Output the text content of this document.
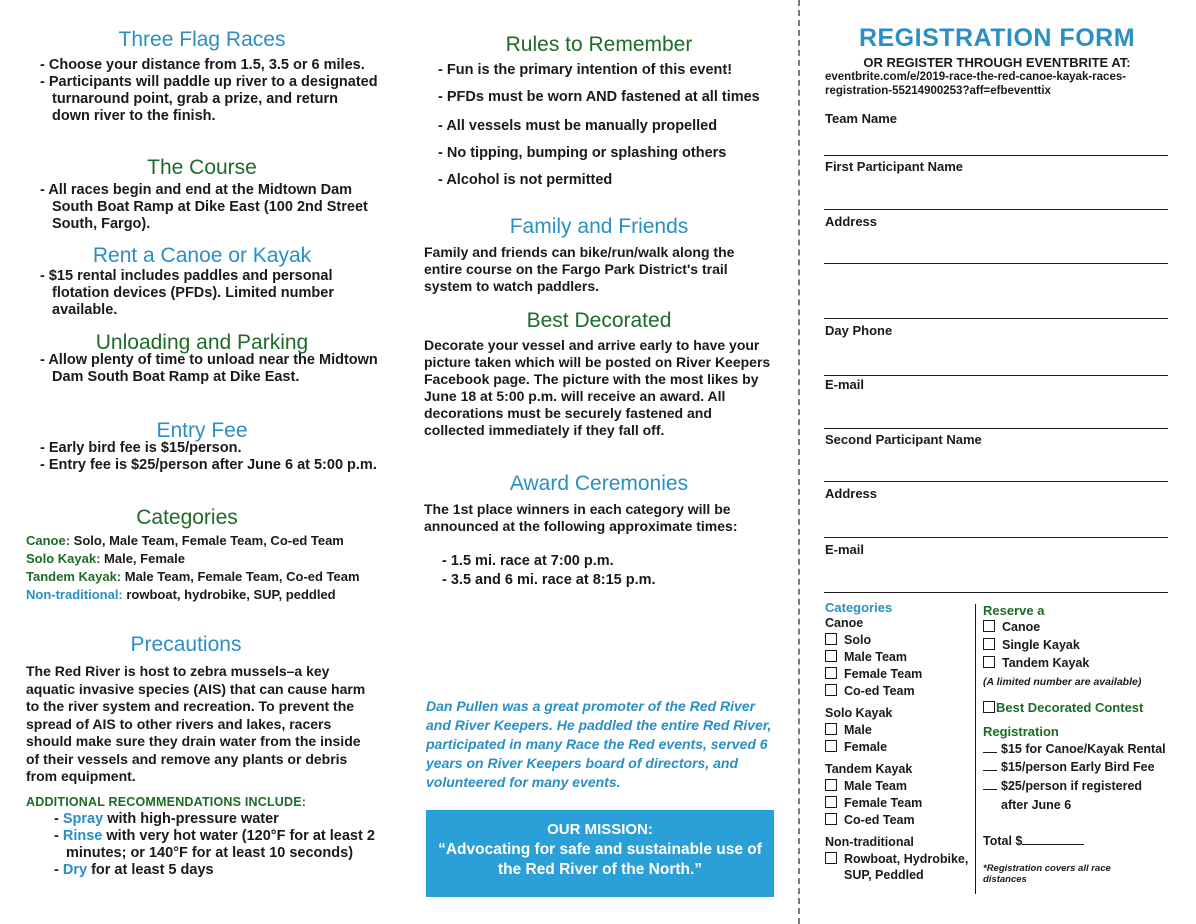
Three Flag Races
- Choose your distance from 1.5, 3.5 or 6 miles.
- Participants will paddle up river to a designated turnaround point, grab a prize, and return down river to the finish.
The Course
- All races begin and end at the Midtown Dam South Boat Ramp at Dike East (100 2nd Street South, Fargo).
Rent a Canoe or Kayak
- $15 rental includes paddles and personal flotation devices (PFDs). Limited number available.
Unloading and Parking
- Allow plenty of time to unload near the Midtown Dam South Boat Ramp at Dike East.
Entry Fee
- Early bird fee is $15/person.
- Entry fee is $25/person after June 6 at 5:00 p.m.
Categories
Canoe: Solo, Male Team, Female Team, Co-ed Team
Solo Kayak: Male, Female
Tandem Kayak: Male Team, Female Team, Co-ed Team
Non-traditional: rowboat, hydrobike, SUP, peddled
Precautions
The Red River is host to zebra mussels–a key aquatic invasive species (AIS) that can cause harm to the river system and recreation. To prevent the spread of AIS to other rivers and lakes, racers should make sure they drain water from the inside of their vessels and remove any plants or debris from equipment.
ADDITIONAL RECOMMENDATIONS INCLUDE:
- Spray with high-pressure water
- Rinse with very hot water (120°F for at least 2 minutes; or 140°F for at least 10 seconds)
- Dry for at least 5 days
Rules to Remember
- Fun is the primary intention of this event!
- PFDs must be worn AND fastened at all times
- All vessels must be manually propelled
- No tipping, bumping or splashing others
- Alcohol is not permitted
Family and Friends
Family and friends can bike/run/walk along the entire course on the Fargo Park District's trail system to watch paddlers.
Best Decorated
Decorate your vessel and arrive early to have your picture taken which will be posted on River Keepers Facebook page. The picture with the most likes by June 18 at 5:00 p.m. will receive an award. All decorations must be securely fastened and collected immediately if they fall off.
Award Ceremonies
The 1st place winners in each category will be announced at the following approximate times:
- 1.5 mi. race at 7:00 p.m.
- 3.5 and 6 mi. race at 8:15 p.m.
Dan Pullen was a great promoter of the Red River and River Keepers. He paddled the entire Red River, participated in many Race the Red events, served 6 years on River Keepers board of directors, and volunteered for many events.
OUR MISSION:
“Advocating for safe and sustainable use of the Red River of the North.”
REGISTRATION FORM
OR REGISTER THROUGH EVENTBRITE AT:
eventbrite.com/e/2019-race-the-red-canoe-kayak-races-registration-55214900253?aff=efbeventtix
Team Name
First Participant Name
Address
Day Phone
E-mail
Second Participant Name
Address
E-mail
Categories
Canoe
Solo
Male Team
Female Team
Co-ed Team
Solo Kayak
Male
Female
Tandem Kayak
Male Team
Female Team
Co-ed Team
Non-traditional
Rowboat, Hydrobike, SUP, Peddled
Reserve a
Canoe
Single Kayak
Tandem Kayak
(A limited number are available)
Best Decorated Contest
Registration
$15 for Canoe/Kayak Rental
$15/person Early Bird Fee
$25/person if registered after June 6
Total $
*Registration covers all race distances
